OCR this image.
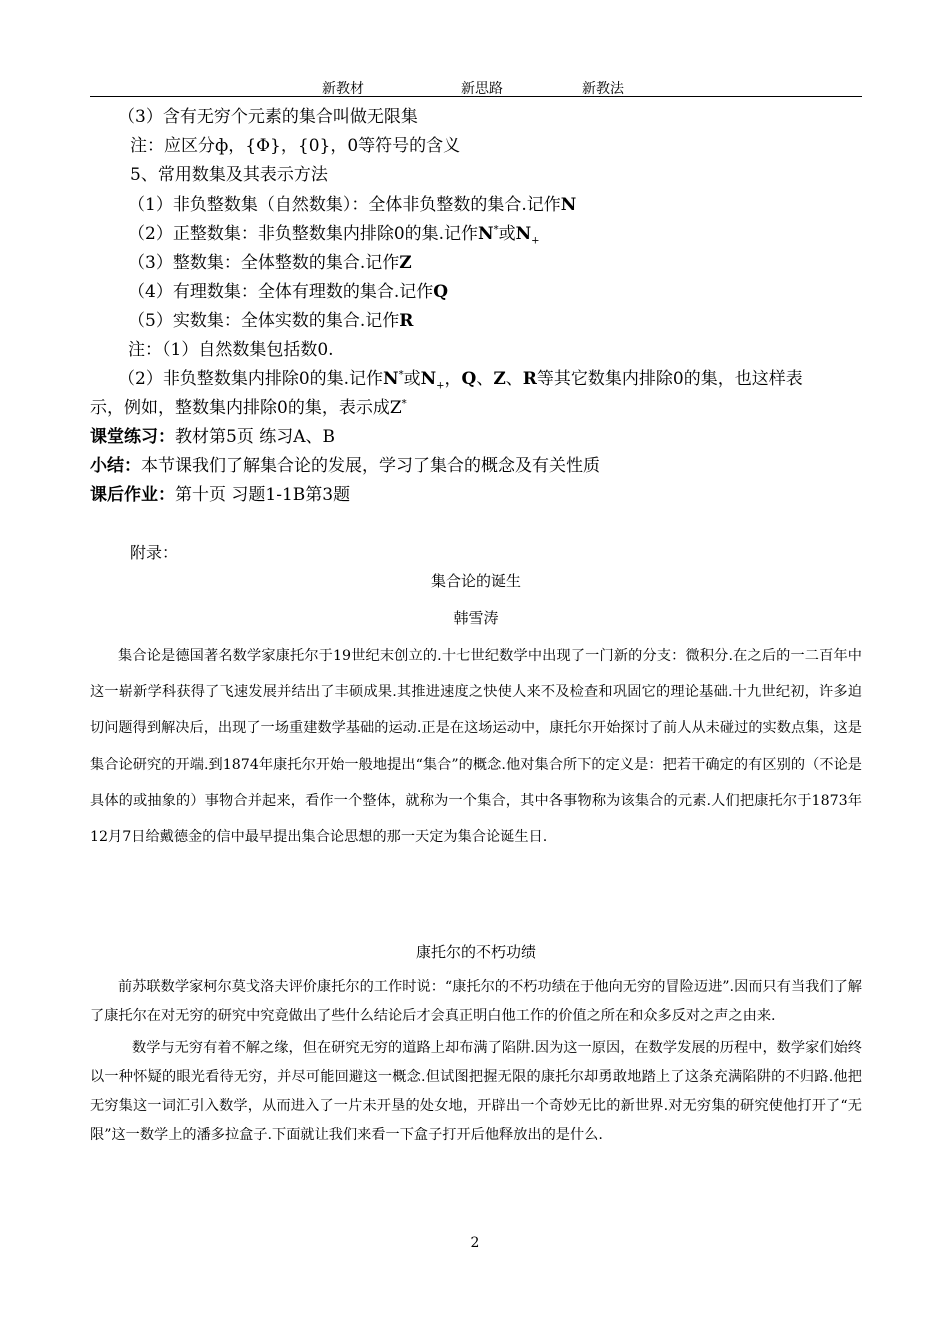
新教材	新思路	新教法
（3）含有无穷个元素的集合叫做无限集
注：应区分ф，{Φ}，{0}，0等符号的含义
5、常用数集及其表示方法
（1）非负整数集（自然数集）：全体非负整数的集合.记作N
（2）正整数集：非负整数集内排除0的集.记作N*或$N_+$
（3）整数集：全体整数的集合.记作Z
（4）有理数集：全体有理数的集合.记作Q
（5）实数集：全体实数的集合.记作R
注：（1）自然数集包括数0.
（2）非负整数集内排除0的集.记作N*或$N_+$，Q、Z、R等其它数集内排除0的集，也这样表
示，例如，整数集内排除0的集，表示成Z*
课堂练习：教材第5页 练习A、B
小结：本节课我们了解集合论的发展，学习了集合的概念及有关性质
课后作业：第十页 习题1-1B第3题
附录：
集合论的诞生
韩雪涛

集合论是德国著名数学家康托尔于19世纪末创立的.十七世纪数学中出现了一门新的分支：微积分.在之后的一二百年中这一崭新学科获得了飞速发展并结出了丰硕成果.其推进速度之快使人来不及检查和巩固它的理论基础.十九世纪初，许多迫切问题得到解决后，出现了一场重建数学基础的运动.正是在这场运动中，康托尔开始探讨了前人从未碰过的实数点集，这是集合论研究的开端.到1874年康托尔开始一般地提出“集合”的概念.他对集合所下的定义是：把若干确定的有区别的（不论是具体的或抽象的）事物合并起来，看作一个整体，就称为一个集合，其中各事物称为该集合的元素.人们把康托尔于1873年12月7日给戴德金的信中最早提出集合论思想的那一天定为集合论诞生日.

康托尔的不朽功绩

前苏联数学家柯尔莫戈洛夫评价康托尔的工作时说：“康托尔的不朽功绩在于他向无穷的冒险迈进”.因而只有当我们了解了康托尔在对无穷的研究中究竟做出了些什么结论后才会真正明白他工作的价值之所在和众多反对之声之由来.

数学与无穷有着不解之缘，但在研究无穷的道路上却布满了陷阱.因为这一原因，在数学发展的历程中，数学家们始终以一种怀疑的眼光看待无穷，并尽可能回避这一概念.但试图把握无限的康托尔却勇敢地踏上了这条充满陷阱的不归路.他把无穷集这一词汇引入数学，从而进入了一片未开垦的处女地，开辟出一个奇妙无比的新世界.对无穷集的研究使他打开了“无限”这一数学上的潘多拉盒子.下面就让我们来看一下盒子打开后他释放出的是什么.

2
